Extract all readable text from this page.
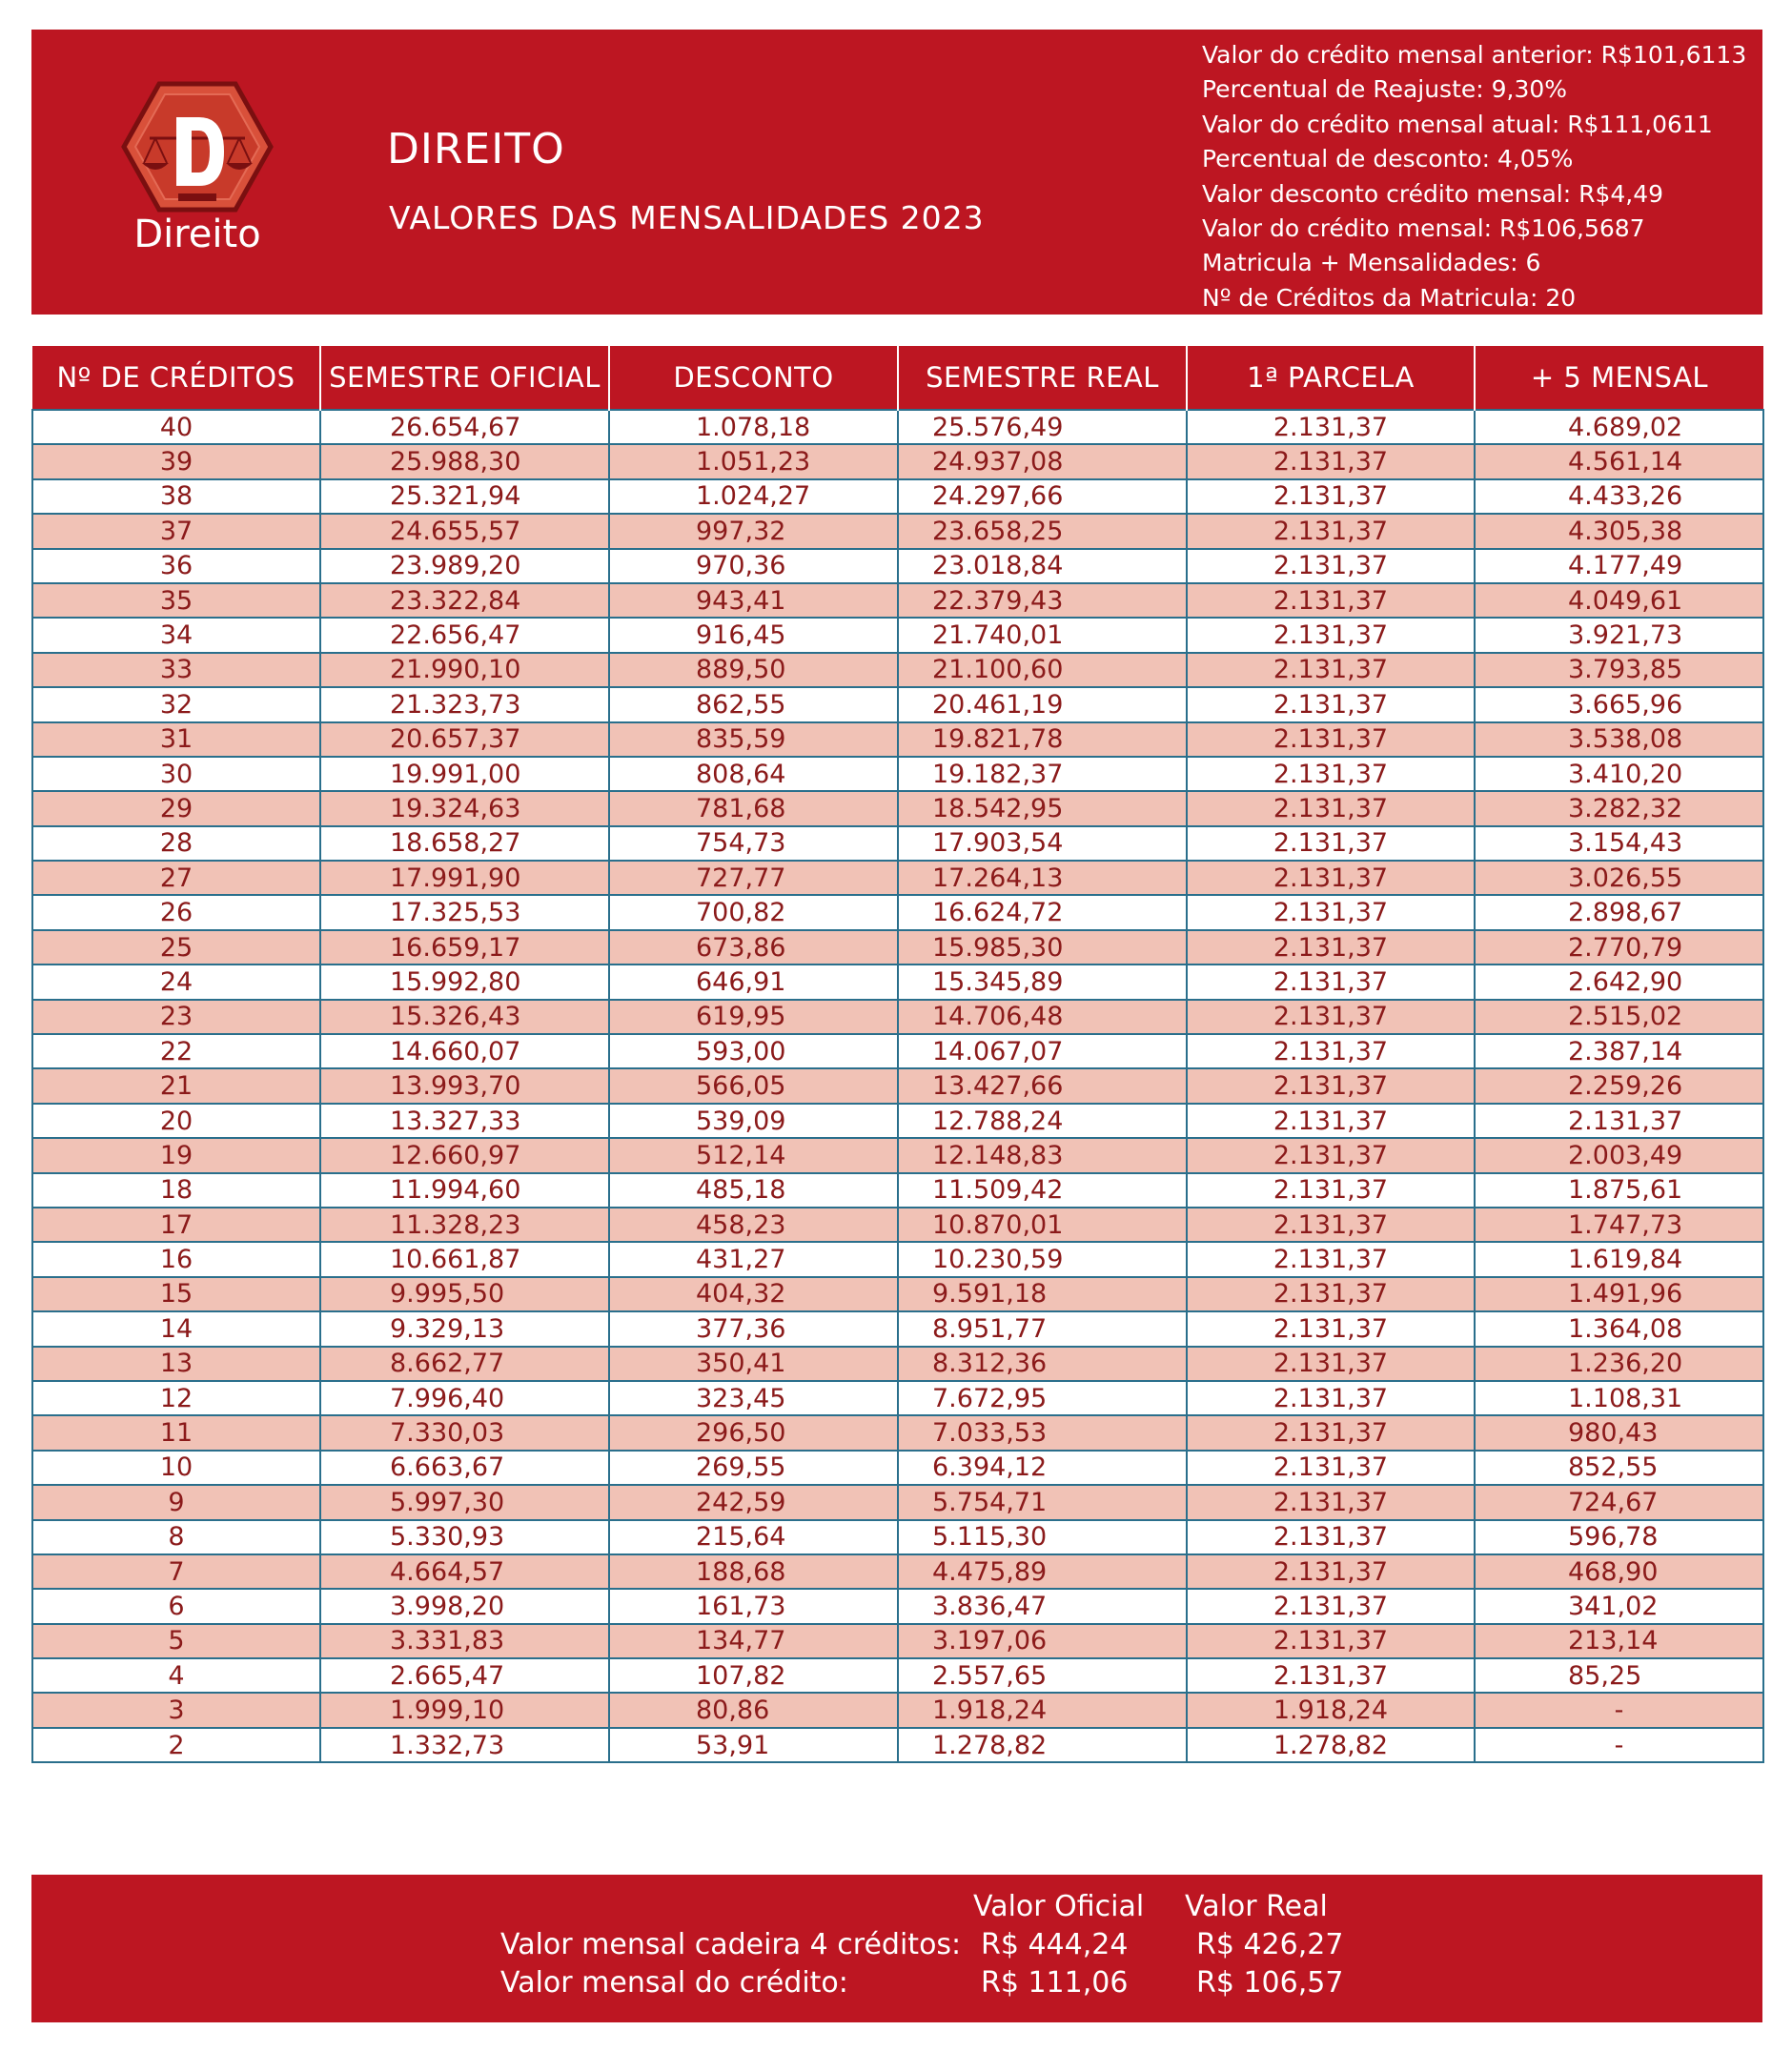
Direito
DIREITO
VALORES DAS MENSALIDADES 2023
Valor do crédito mensal anterior: R$101,6113
Percentual de Reajuste: 9,30%
Valor do crédito mensal atual: R$111,0611
Percentual de desconto: 4,05%
Valor desconto crédito mensal: R$4,49
Valor do crédito mensal: R$106,5687
Matricula + Mensalidades: 6
Nº de Créditos da Matricula: 20
Nº DE CRÉDITOS	SEMESTRE OFICIAL	DESCONTO	SEMESTRE REAL	1ª PARCELA	+ 5 MENSAL
40	26.654,67	1.078,18	25.576,49	2.131,37	4.689,02
39	25.988,30	1.051,23	24.937,08	2.131,37	4.561,14
38	25.321,94	1.024,27	24.297,66	2.131,37	4.433,26
37	24.655,57	997,32	23.658,25	2.131,37	4.305,38
36	23.989,20	970,36	23.018,84	2.131,37	4.177,49
35	23.322,84	943,41	22.379,43	2.131,37	4.049,61
34	22.656,47	916,45	21.740,01	2.131,37	3.921,73
33	21.990,10	889,50	21.100,60	2.131,37	3.793,85
32	21.323,73	862,55	20.461,19	2.131,37	3.665,96
31	20.657,37	835,59	19.821,78	2.131,37	3.538,08
30	19.991,00	808,64	19.182,37	2.131,37	3.410,20
29	19.324,63	781,68	18.542,95	2.131,37	3.282,32
28	18.658,27	754,73	17.903,54	2.131,37	3.154,43
27	17.991,90	727,77	17.264,13	2.131,37	3.026,55
26	17.325,53	700,82	16.624,72	2.131,37	2.898,67
25	16.659,17	673,86	15.985,30	2.131,37	2.770,79
24	15.992,80	646,91	15.345,89	2.131,37	2.642,90
23	15.326,43	619,95	14.706,48	2.131,37	2.515,02
22	14.660,07	593,00	14.067,07	2.131,37	2.387,14
21	13.993,70	566,05	13.427,66	2.131,37	2.259,26
20	13.327,33	539,09	12.788,24	2.131,37	2.131,37
19	12.660,97	512,14	12.148,83	2.131,37	2.003,49
18	11.994,60	485,18	11.509,42	2.131,37	1.875,61
17	11.328,23	458,23	10.870,01	2.131,37	1.747,73
16	10.661,87	431,27	10.230,59	2.131,37	1.619,84
15	9.995,50	404,32	9.591,18	2.131,37	1.491,96
14	9.329,13	377,36	8.951,77	2.131,37	1.364,08
13	8.662,77	350,41	8.312,36	2.131,37	1.236,20
12	7.996,40	323,45	7.672,95	2.131,37	1.108,31
11	7.330,03	296,50	7.033,53	2.131,37	980,43
10	6.663,67	269,55	6.394,12	2.131,37	852,55
9	5.997,30	242,59	5.754,71	2.131,37	724,67
8	5.330,93	215,64	5.115,30	2.131,37	596,78
7	4.664,57	188,68	4.475,89	2.131,37	468,90
6	3.998,20	161,73	3.836,47	2.131,37	341,02
5	3.331,83	134,77	3.197,06	2.131,37	213,14
4	2.665,47	107,82	2.557,65	2.131,37	85,25
3	1.999,10	80,86	1.918,24	1.918,24	-
2	1.332,73	53,91	1.278,82	1.278,82	-
Valor Oficial Valor Real
Valor mensal cadeira 4 créditos: R$ 444,24 R$ 426,27
Valor mensal do crédito:	R$ 111,06 R$ 106,57
